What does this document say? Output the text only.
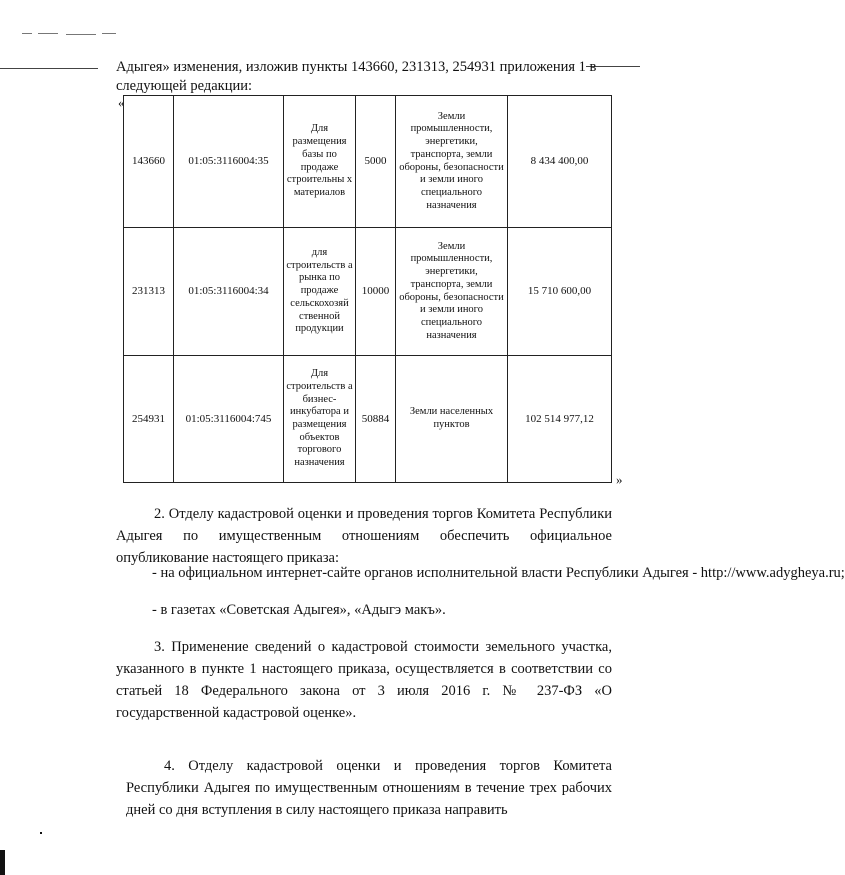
Адыгея» изменения, изложив пункты 143660, 231313, 254931 приложения 1 в следующей редакции:
«
143660	01:05:3116004:35	Для размещения базы по продаже строительны х материалов	5000	Земли промышленности, энергетики, транспорта, земли обороны, безопасности и земли иного специального назначения	8 434 400,00
231313	01:05:3116004:34	для строительств а рынка по продаже сельскохозяй ственной продукции	10000	Земли промышленности, энергетики, транспорта, земли обороны, безопасности и земли иного специального назначения	15 710 600,00
254931	01:05:3116004:745	Для строительств а бизнес-инкубатора и размещения объектов торгового назначения	50884	Земли населенных пунктов	102 514 977,12
»
2. Отделу кадастровой оценки и проведения торгов Комитета Республики Адыгея по имущественным отношениям обеспечить официальное опубликование настоящего приказа:
- на официальном интернет-сайте органов исполнительной власти Республики Адыгея - http://www.adygheya.ru;
- в газетах «Советская Адыгея», «Адыгэ макъ».
3. Применение сведений о кадастровой стоимости земельного участка, указанного в пункте 1 настоящего приказа, осуществляется в соответствии со статьей 18 Федерального закона от 3 июля 2016 г. № 237-ФЗ «О государственной кадастровой оценке».
4. Отделу кадастровой оценки и проведения торгов Комитета Республики Адыгея по имущественным отношениям в течение трех рабочих дней со дня вступления в силу настоящего приказа направить
